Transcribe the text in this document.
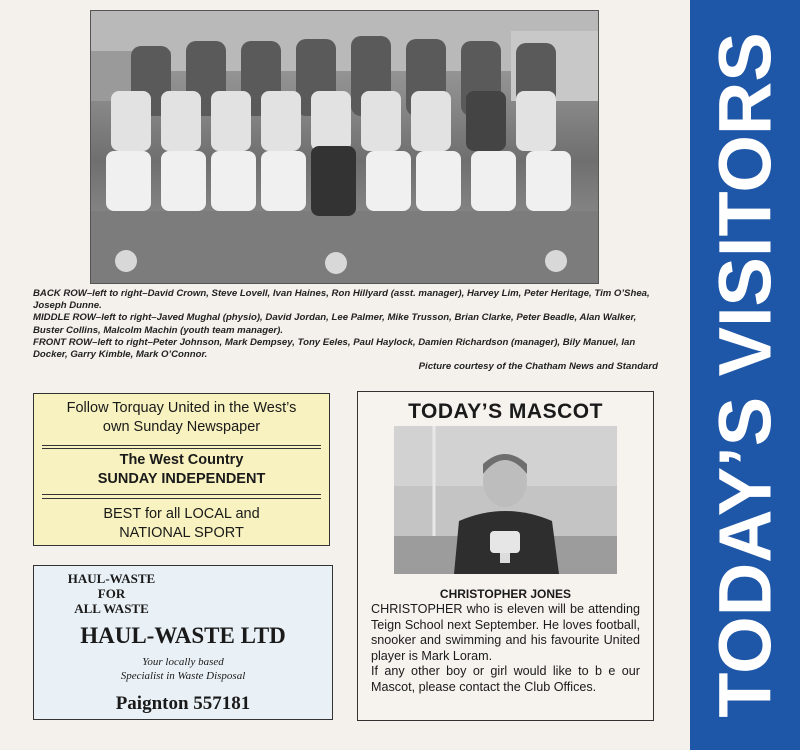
BACK ROW–left to right–David Crown, Steve Lovell, Ivan Haines, Ron Hillyard (asst. manager), Harvey Lim, Peter Heritage, Tim O’Shea, Joseph Dunne.

MIDDLE ROW–left to right–Javed Mughal (physio), David Jordan, Lee Palmer, Mike Trusson, Brian Clarke, Peter Beadle, Alan Walker, Buster Collins, Malcolm Machin (youth team manager).

FRONT ROW–left to right–Peter Johnson, Mark Dempsey, Tony Eeles, Paul Haylock, Damien Richardson (manager), Bily Manuel, Ian Docker, Garry Kimble, Mark O’Connor.

Picture courtesy of the Chatham News and Standard
Follow Torquay United in the West’s
own Sunday Newspaper
The West Country
SUNDAY INDEPENDENT
BEST for all LOCAL and
NATIONAL SPORT
HAUL-WASTE
FOR
ALL WASTE
HAUL-WASTE LTD
Your locally based
Specialist in Waste Disposal
Paignton 557181
TODAY’S MASCOT
CHRISTOPHER JONES

CHRISTOPHER who is eleven will be attending Teign School next September. He loves football, snooker and swimming and his favourite United player is Mark Loram.

If any other boy or girl would like to b e our Mascot, please contact the Club Offices.	TODAY’S VISITORS
